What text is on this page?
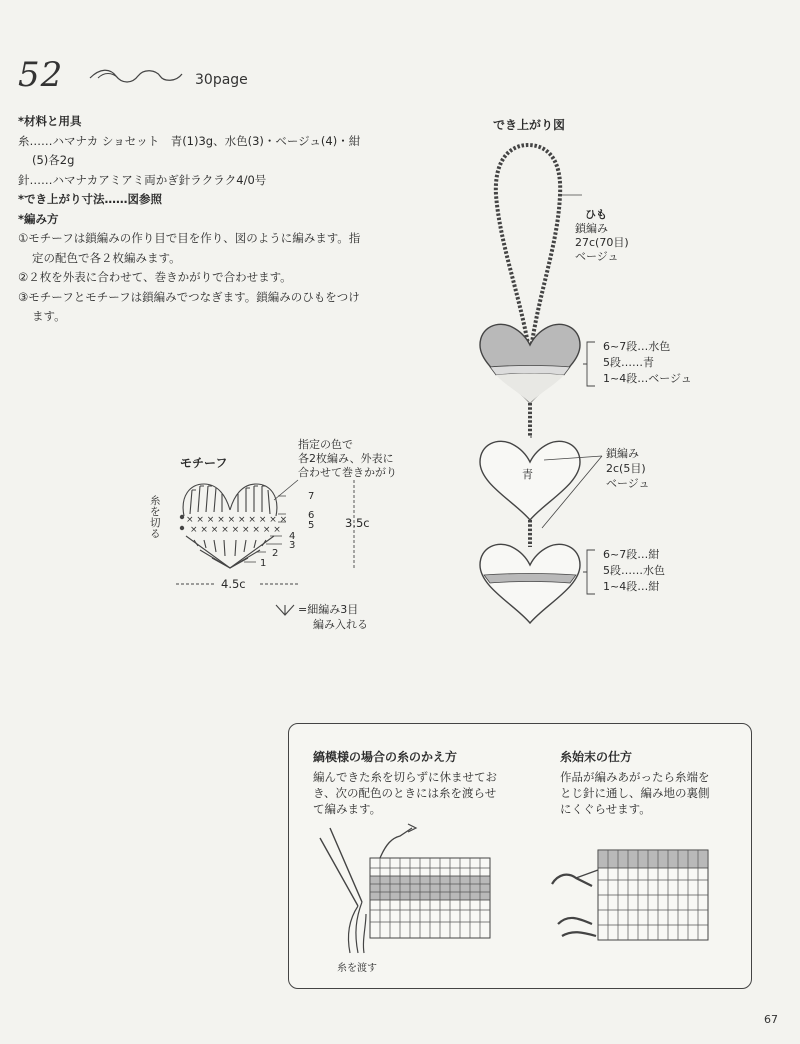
52	30page
*材料と用具
糸……ハマナカ ショセット　青(1)3g、水色(3)・ベージュ(4)・紺
(5)各2g
針……ハマナカアミアミ両かぎ針ラクラク4/0号
*でき上がり寸法……図参照
*編み方
①モチーフは鎖編みの作り目で目を作り、図のように編みます。指
定の配色で各２枚編みます。
②２枚を外表に合わせて、巻きかがりで合わせます。
③モチーフとモチーフは鎖編みでつなぎます。鎖編みのひもをつけ
ます。
でき上がり図
ひも
鎖編み
27c(70目)
ベージュ
6~7段…水色
5段……青
1~4段…ベージュ
青
鎖編み
2c(5目)
ベージュ
6~7段…紺
5段……水色
1~4段…紺
モチーフ
指定の色で
各2枚編み、外表に
合わせて巻きかがり
糸
を
切
る
× × × × × × × × × ×
× × × × × × × × ×
7
6
5
4
3
2
1
3.5c
4.5c
=細編み3目
編み入れる
縞模様の場合の糸のかえ方
編んできた糸を切らずに休ませてお
き、次の配色のときには糸を渡らせ
て編みます。
糸始末の仕方
作品が編みあがったら糸端を
とじ針に通し、編み地の裏側
にくぐらせます。
糸を渡す
67
